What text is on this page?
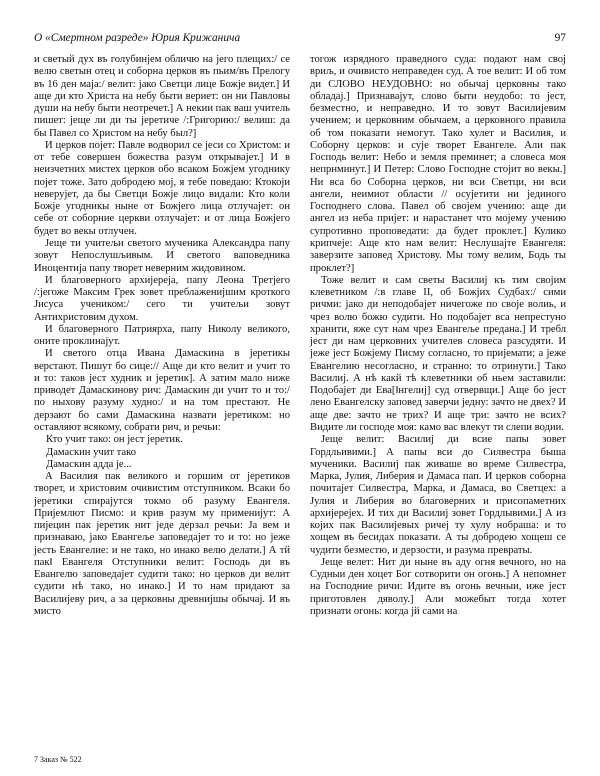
О «Смертном разреде» Юрия Крижанича	97

и светый дух въ голубинјем обличю на јего плещих:/ се велю светын отец и соборна церков въ пьим/въ Прелогу въ 16 ден маја:/ велит: јако Светци лице Божје видет.] И аще ди кто Христа на небу быти вериет: он ни Павловы души на небу быти неотречет.] А некии пак ваш учитель пишет: јеще ли ди ты јеретиче /:Григорию:/ велиш: да бы Павел со Христом на небу был?]

И церков појет: Павле водворил се јеси со Христом: и от тебе совершен божества разум открывајет.] И в неизчетних мистех церков обо всаком Божјем угоднику појет тоже. Зато добродею мој, я тебе поведаю: Ктокоји неверујет, да бы Светци Божје лицо видали: Кто коли Божје угодникы ныне от Божјего лица отлучајет: он себе от соборние церкви отлучајет: и от лица Божјего будет во векы отлучен.

Јеще ти учитељи светого мученика Александра папу зовут Непослушљивым. И светого ваповедника Иноцентија папу творет неверним жидовином.

И благоверного архијереја, папу Леона Третјего /:јегоже Максим Грек зовет преблаженијшим кроткого Јисуса учеником:/ сего ти учитељи зовут Антихристовим духом.

И благоверного Патриярха, папу Николу великого, оните проклинајут.

И светого отца Ивана Дамаскина в јеретикы верстают. Пишут бо сице:// Аще ди кто велит и учит то и то: таков јест худник и јеретик]. А затим мало ниже приводет Дамаскинову рич: Дамаскин ди учит то и то:/ по ныхову разуму худно:/ и на том престают. Не дерзают бо сами Дамаскина назвати јеретиком: но оставляют всякому, собрати рич, и речьи:

Кто учит тако: он јест јеретик.

Дамаскин учит тако

Дамаскин адда је...

А Василия пак великого и горшим от јеретиков творет, и христовим очивистим отступником. Всаки бо јеретики спирајутся токмо об разуму Евангеля. Пријемлют Писмо: и крив разум му применијут: А пијецин пак јеретик нит једе дерзал речьи: Ја вем и признаваю, јако Евангеље заповедајет то и то: но јеже јесть Евангелие: и не тако, но инако велю делати.] А тй пак‖ Евангеля Отступники велит: Господь ди въ Евангелю заповедајет судити тако: но церков ди велит судити нѣ тако, но инако.] И то нам придают за Василијеву рич, а за церковны древнијшы обычај. И въ мисто

тогож изрядного праведного суда: подают нам свој вриљ, и очивисто неправеден суд. А тое велит: И об том ди СЛОВО НЕУДОВНО: но обычај церковны тако обладај.] Признавајут, слово быти неудобо: то јест, безместно, и неправедно. И то зовут Василијевим учением; и церковним обычаем, а церковного правила об том показати немогут. Тако хулет и Василия, и Соборну церков: и сује творет Евангеле. Али пак Господь велит: Небо и земля преминет; а словеса моя непрнминут.] И Петер: Слово Господне стојит во векы.] Ни вса бо Соборна церков, ни вси Светци, ни вси ангели, неимиот области // осујетити ни јединого Господнего слова. Павел об својем учению: аще ди ангел из неба пријет: и нарастанет что мојему учению супротивно проповедати: да будет проклет.] Кулико крипчеје: Аще кто нам велит: Неслушајте Евангеля: заверзите заповед Христову. Мы тому велим, Бодь ты проклет?]

Тоже велит и сам светы Василиј къ тим својим клеветником /:в главе II, об Божјих Судбах:/ сими ричми: јако ди неподобајет ничегоже по своје волиь, и чрез волю божю судити. Но подобајет вса непрестуно хранити, яже сут нам чрез Евангеље предана.] И требл јест ди нам церковних учителев словеса разсудяти. И јеже јест Божјему Писму согласно, то пријемати; а јеже Евангелию несогласно, и странно: то отринути.] Тако Василиј. А нѣ какй тѣ клеветники об ньем заставили: Подобајет ди Ева[‖нгелиј] суд отвервщи.] Аще бо јест лено Евангелску заповед заверчи једну: зачто не двех? И аще две: зачто не трих? И аще три: зачто не всих? Видите ли господе моя: камо вас влекут ти слепи водии.

Јеще велит: Василиј ди всие папы зовет Гордльивими.] А папы вси до Силвестра быша мученики. Василиј пак живаше во време Силвестра, Марка, Јулия, Либерия и Дамаса пап. И церков соборна почитајет Силвестра, Марка, и Дамаса, во Светцех: а Јулия и Либерия во благоверних и присопаметних архијерејех. И тих ди Василиј зовет Гордлывими.] А из којих пак Василијевых ричеј ту хулу нобраша: и то хощем въ бесидах показати. А ты добродею хощеш се чудити безместю, и дерзости, и разума превраты.

Јеще велет: Нит ди ныне въ аду огня вечного, но на Судныи ден хоцет Бог сотворити он огонь.] А непомнет на Господние ричи: Идите въ огонь вечныи, иже јест приготовлен дяволу.] Али можебыт тогда хотет признати огонь: когда јй сами на

7 Заказ № 522
